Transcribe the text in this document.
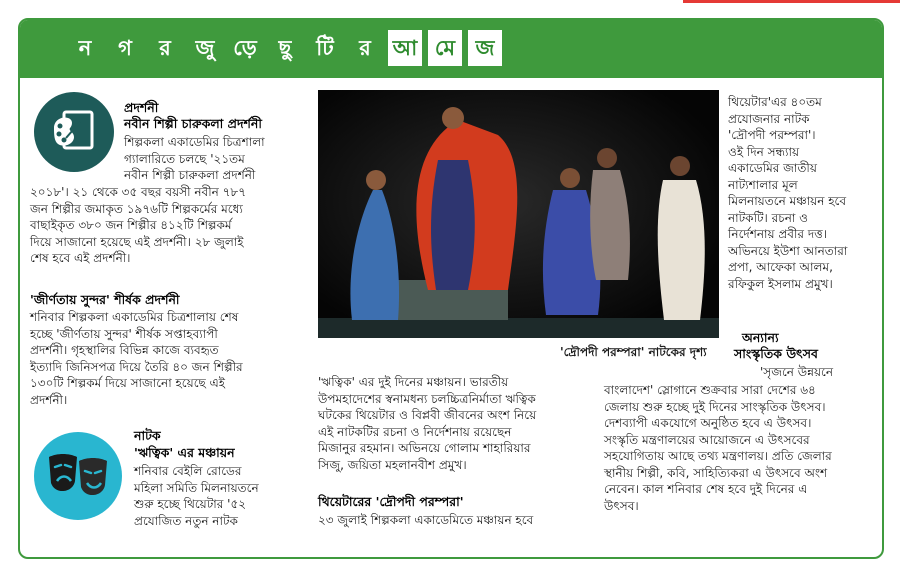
ন	গ	র	জু ড়ে	ছু	টি	র	আ মে জ
প্রদর্শনী
নবীন শিল্পী চারুকলা প্রদর্শনী
শিল্পকলা একাডেমির চিত্রশালা
গ্যালারিতে চলছে '২১তম
নবীন শিল্পী চারুকলা প্রদর্শনী
২০১৮'। ২১ থেকে ৩৫ বছর বয়সী নবীন ৭৮৭
জন শিল্পীর জমাকৃত ১৯৭৬টি শিল্পকর্মের মধ্যে
বাছাইকৃত ৩৮০ জন শিল্পীর ৪১২টি শিল্পকর্ম
দিয়ে সাজানো হয়েছে এই প্রদর্শনী। ২৮ জুলাই
শেষ হবে এই প্রদর্শনী।
'জীর্ণতায় সুন্দর' শীর্ষক প্রদর্শনী
শনিবার শিল্পকলা একাডেমির চিত্রশালায় শেষ
হচ্ছে 'জীর্ণতায় সুন্দর' শীর্ষক সপ্তাহব্যাপী
প্রদর্শনী। গৃহস্থালির বিভিন্ন কাজে ব্যবহৃত
ইত্যাদি জিনিসপত্র দিয়ে তৈরি ৪০ জন শিল্পীর
১৩০টি শিল্পকর্ম দিয়ে সাজানো হয়েছে এই
প্রদর্শনী।
নাটক
'ঋত্বিক' এর মঞ্চায়ন
শনিবার বেইলি রোডের
মহিলা সমিতি মিলনায়তনে
শুরু হচ্ছে থিয়েটার '৫২
প্রযোজিত নতুন নাটক
'দ্রৌপদী পরম্পরা' নাটকের দৃশ্য
থিয়েটার'এর ৪০তম
প্রযোজনার নাটক
'দ্রৌপদী পরম্পরা'।
ওই দিন সন্ধ্যায়
একাডেমির জাতীয়
নাট্যশালার মূল
মিলনায়তনে মঞ্চায়ন হবে
নাটকটি। রচনা ও
নির্দেশনায় প্রবীর দত্ত।
অভিনয়ে ইউশা আনতারা
প্রপা, আফেকা আলম,
রফিকুল ইসলাম প্রমুখ।
'ঋত্বিক' এর দুই দিনের মঞ্চায়ন। ভারতীয়
উপমহাদেশের স্বনামধন্য চলচ্চিত্রনির্মাতা ঋত্বিক
ঘটকের থিয়েটার ও বিপ্লবী জীবনের অংশ নিয়ে
এই নাটকটির রচনা ও নির্দেশনায় রয়েছেন
মিজানুর রহমান। অভিনয়ে গোলাম শাহারিয়ার
সিজু, জয়িতা মহলানবীশ প্রমুখ।
থিয়েটারের 'দ্রৌপদী পরম্পরা'
২৩ জুলাই শিল্পকলা একাডেমিতে মঞ্চায়ন হবে
অন্যান্য
সাংস্কৃতিক উৎসব
'সৃজনে উন্নয়নে
বাংলাদেশ' স্লোগানে শুক্রবার সারা দেশের ৬৪
জেলায় শুরু হচ্ছে দুই দিনের সাংস্কৃতিক উৎসব।
দেশব্যাপী একযোগে অনুষ্ঠিত হবে এ উৎসব।
সংস্কৃতি মন্ত্রণালয়ের আয়োজনে এ উৎসবের
সহযোগিতায় আছে তথ্য মন্ত্রণালয়। প্রতি জেলার
স্থানীয় শিল্পী, কবি, সাহিত্যিকরা এ উৎসবে অংশ
নেবেন। কাল শনিবার শেষ হবে দুই দিনের এ
উৎসব।
